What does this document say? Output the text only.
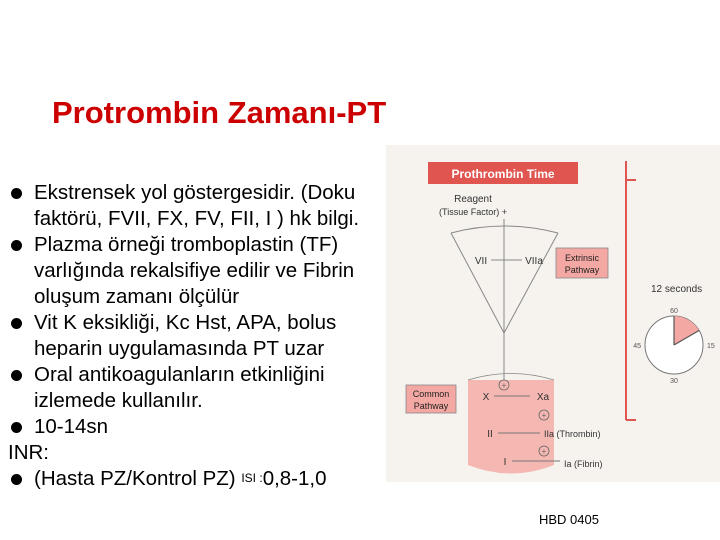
Protrombin Zamanı-PT
Ekstrensek yol göstergesidir. (Doku
faktörü, FVII, FX, FV, FII, I ) hk bilgi.
Plazma örneği tromboplastin (TF)
varlığında rekalsifiye edilir ve Fibrin
oluşum zamanı ölçülür
Vit K eksikliği, Kc Hst, APA, bolus
heparin uygulamasında PT uzar
Oral antikoagulanların etkinliğini
izlemede kullanılır.
10-14sn
INR:
(Hasta PZ/Kontrol PZ) $^{ISI :}$0,8-1,0
HBD 0405
Prothrombin Time
Reagent
(Tissue Factor) +
VII	VIIa Extrinsic
Pathway
12 seconds
60
15
30
45
Common
Pathway
+
X	Xa
+
II	IIa (Thrombin)
+
I	Ia (Fibrin)
